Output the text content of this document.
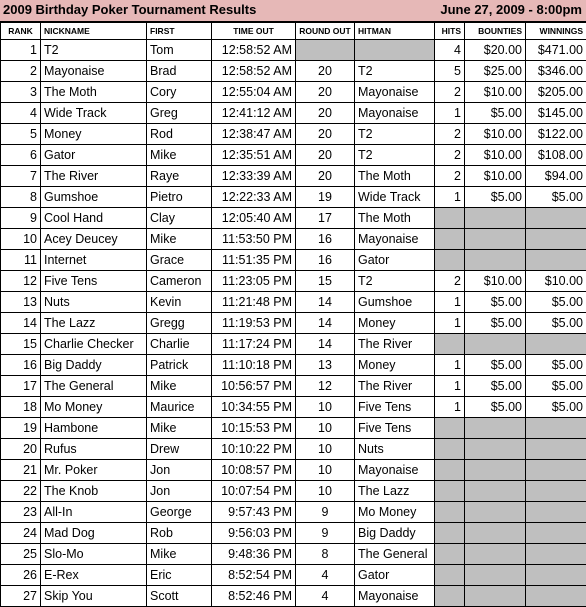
2009 Birthday Poker Tournament Results	June 27, 2009 - 8:00pm
RANK	NICKNAME	FIRST	TIME OUT	ROUND OUT	HITMAN	HITS	BOUNTIES	WINNINGS
1	T2	Tom	12:58:52 AM			4	$20.00	$471.00
2	Mayonaise	Brad	12:58:52 AM	20	T2	5	$25.00	$346.00
3	The Moth	Cory	12:55:04 AM	20	Mayonaise	2	$10.00	$205.00
4	Wide Track	Greg	12:41:12 AM	20	Mayonaise	1	$5.00	$145.00
5	Money	Rod	12:38:47 AM	20	T2	2	$10.00	$122.00
6	Gator	Mike	12:35:51 AM	20	T2	2	$10.00	$108.00
7	The River	Raye	12:33:39 AM	20	The Moth	2	$10.00	$94.00
8	Gumshoe	Pietro	12:22:33 AM	19	Wide Track	1	$5.00	$5.00
9	Cool Hand	Clay	12:05:40 AM	17	The Moth			
10	Acey Deucey	Mike	11:53:50 PM	16	Mayonaise			
11	Internet	Grace	11:51:35 PM	16	Gator			
12	Five Tens	Cameron	11:23:05 PM	15	T2	2	$10.00	$10.00
13	Nuts	Kevin	11:21:48 PM	14	Gumshoe	1	$5.00	$5.00
14	The Lazz	Gregg	11:19:53 PM	14	Money	1	$5.00	$5.00
15	Charlie Checker	Charlie	11:17:24 PM	14	The River			
16	Big Daddy	Patrick	11:10:18 PM	13	Money	1	$5.00	$5.00
17	The General	Mike	10:56:57 PM	12	The River	1	$5.00	$5.00
18	Mo Money	Maurice	10:34:55 PM	10	Five Tens	1	$5.00	$5.00
19	Hambone	Mike	10:15:53 PM	10	Five Tens			
20	Rufus	Drew	10:10:22 PM	10	Nuts			
21	Mr. Poker	Jon	10:08:57 PM	10	Mayonaise			
22	The Knob	Jon	10:07:54 PM	10	The Lazz			
23	All-In	George	9:57:43 PM	9	Mo Money			
24	Mad Dog	Rob	9:56:03 PM	9	Big Daddy			
25	Slo-Mo	Mike	9:48:36 PM	8	The General			
26	E-Rex	Eric	8:52:54 PM	4	Gator			
27	Skip You	Scott	8:52:46 PM	4	Mayonaise			
